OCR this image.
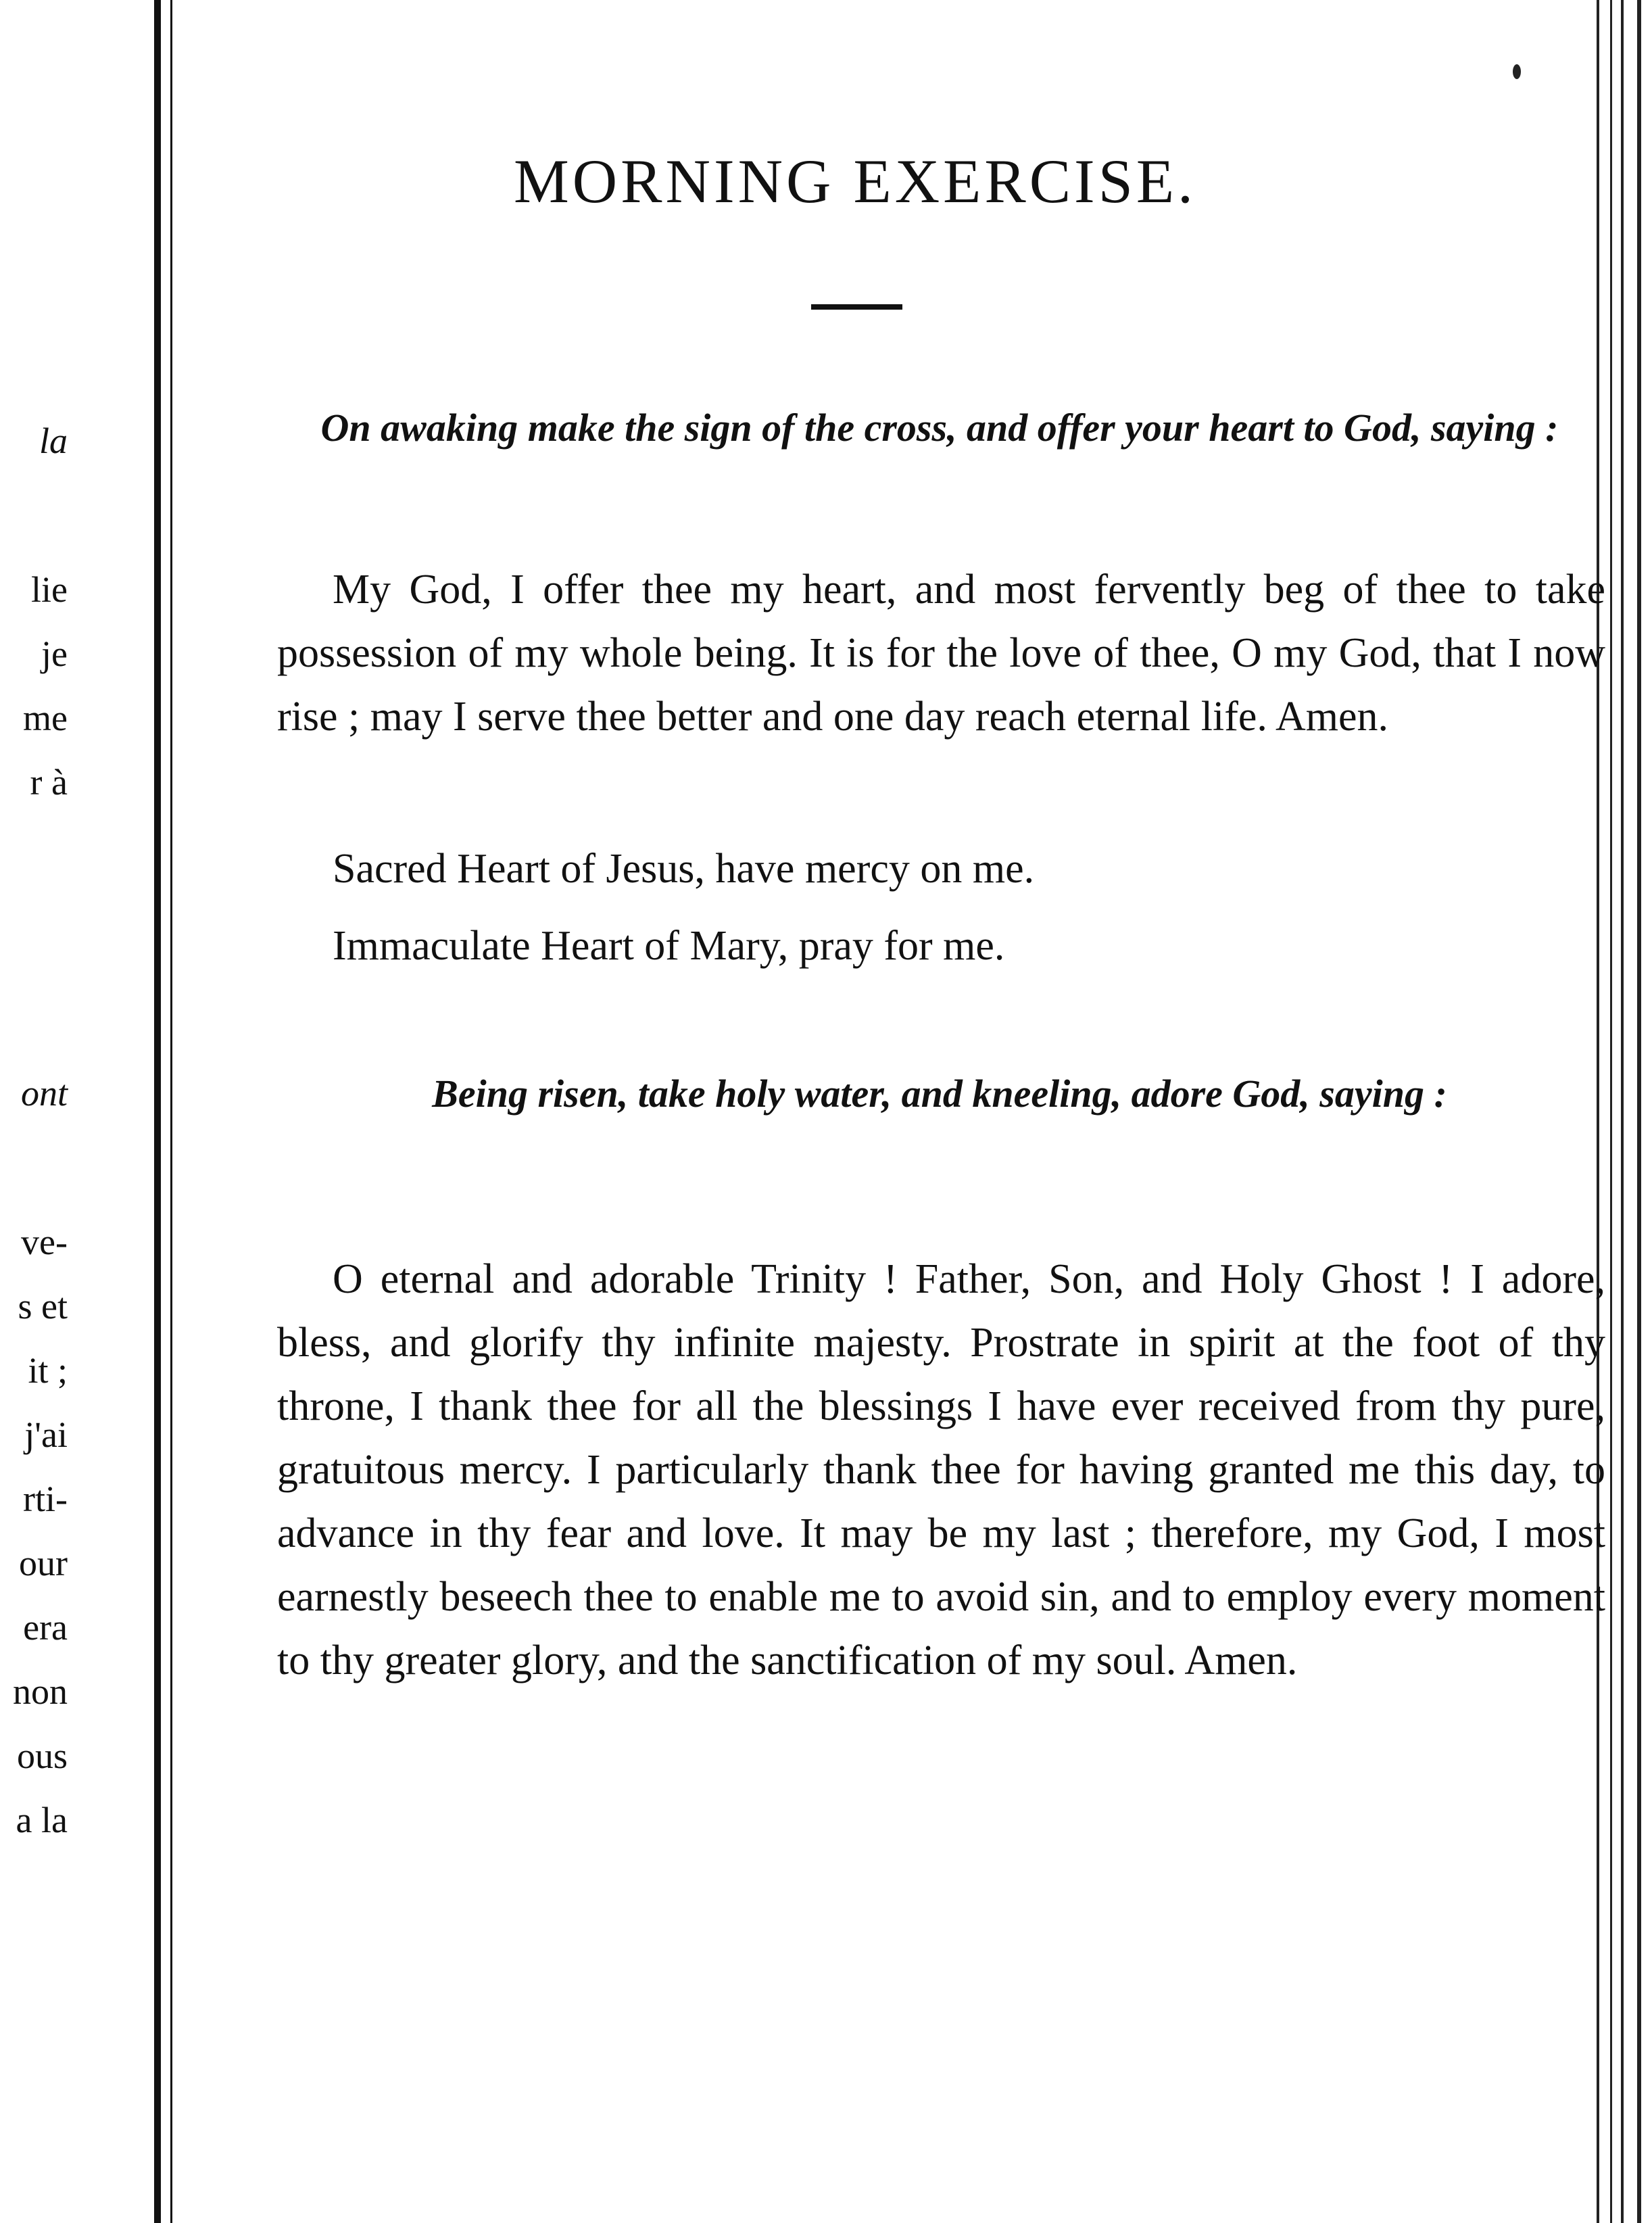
la
lie
je
me
r à
ont
ve-
s et
it ;
j'ai
rti-
our
era
non
ous
a la
MORNING EXERCISE.

On awaking make the sign of the cross, and offer your heart to God, saying :

My God, I offer thee my heart, and most fervently beg of thee to take possession of my whole being. It is for the love of thee, O my God, that I now rise ; may I serve thee better and one day reach eternal life. Amen.

Sacred Heart of Jesus, have mercy on me.

Immaculate Heart of Mary, pray for me.

Being risen, take holy water, and kneeling, adore God, saying :

O eternal and adorable Trinity ! Father, Son, and Holy Ghost ! I adore, bless, and glorify thy infinite majesty. Prostrate in spirit at the foot of thy throne, I thank thee for all the blessings I have ever received from thy pure, gratuitous mercy. I particularly thank thee for having granted me this day, to advance in thy fear and love. It may be my last ; therefore, my God, I most earnestly beseech thee to enable me to avoid sin, and to employ every moment to thy greater glory, and the sanctification of my soul. Amen.
